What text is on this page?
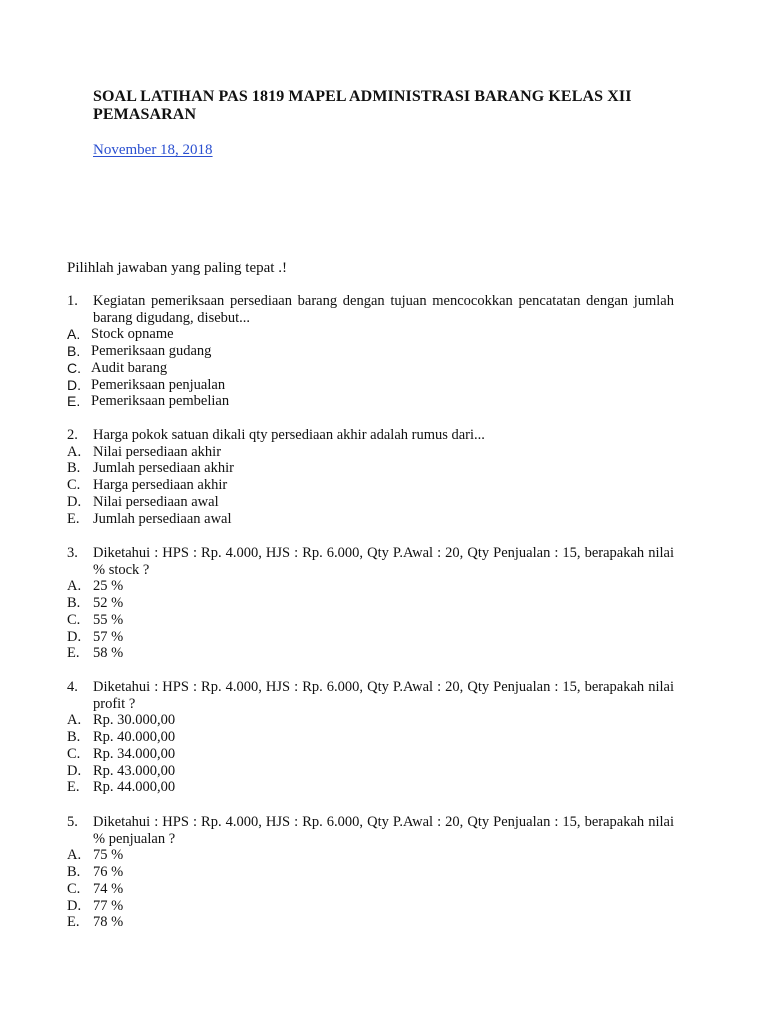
SOAL LATIHAN PAS 1819 MAPEL ADMINISTRASI BARANG KELAS XII PEMASARAN
November 18, 2018
Pilihlah jawaban yang paling tepat .!
1.	Kegiatan pemeriksaan persediaan barang dengan tujuan mencocokkan pencatatan dengan jumlah barang digudang, disebut...
A. Stock opname
B. Pemeriksaan gudang
C. Audit barang
D. Pemeriksaan penjualan
E. Pemeriksaan pembelian
2.	Harga pokok satuan dikali qty persediaan akhir adalah rumus dari...
A. Nilai persediaan akhir
B. Jumlah persediaan akhir
C. Harga persediaan akhir
D. Nilai persediaan awal
E. Jumlah persediaan awal
3.	Diketahui : HPS : Rp. 4.000, HJS : Rp. 6.000, Qty P.Awal : 20, Qty Penjualan : 15, berapakah nilai % stock ?
A. 25 %
B. 52 %
C. 55 %
D. 57 %
E. 58 %
4.	Diketahui : HPS : Rp. 4.000, HJS : Rp. 6.000, Qty P.Awal : 20, Qty Penjualan : 15, berapakah nilai profit ?
A. Rp. 30.000,00
B. Rp. 40.000,00
C. Rp. 34.000,00
D. Rp. 43.000,00
E. Rp. 44.000,00
5.	Diketahui : HPS : Rp. 4.000, HJS : Rp. 6.000, Qty P.Awal : 20, Qty Penjualan : 15, berapakah nilai % penjualan ?
A. 75 %
B. 76 %
C. 74 %
D. 77 %
E. 78 %
